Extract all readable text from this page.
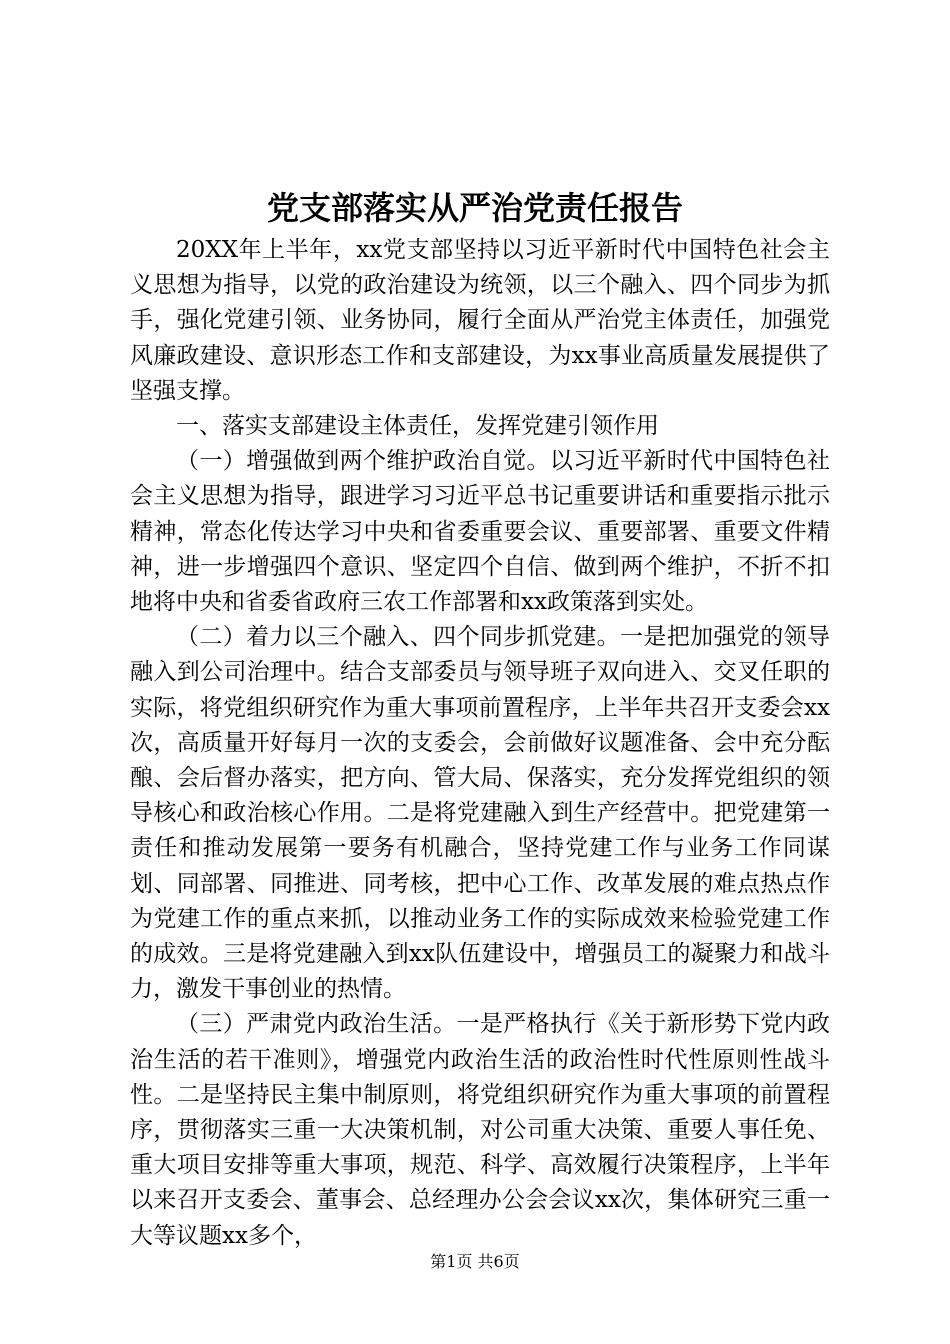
党支部落实从严治党责任报告

20XX年上半年，xx党支部坚持以习近平新时代中国特色社会主义思想为指导，以党的政治建设为统领，以三个融入、四个同步为抓手，强化党建引领、业务协同，履行全面从严治党主体责任，加强党风廉政建设、意识形态工作和支部建设，为xx事业高质量发展提供了坚强支撑。

一、落实支部建设主体责任，发挥党建引领作用

（一）增强做到两个维护政治自觉。以习近平新时代中国特色社会主义思想为指导，跟进学习习近平总书记重要讲话和重要指示批示精神，常态化传达学习中央和省委重要会议、重要部署、重要文件精神，进一步增强四个意识、坚定四个自信、做到两个维护，不折不扣地将中央和省委省政府三农工作部署和xx政策落到实处。

（二）着力以三个融入、四个同步抓党建。一是把加强党的领导融入到公司治理中。结合支部委员与领导班子双向进入、交叉任职的实际，将党组织研究作为重大事项前置程序，上半年共召开支委会xx次，高质量开好每月一次的支委会，会前做好议题准备、会中充分酝酿、会后督办落实，把方向、管大局、保落实，充分发挥党组织的领导核心和政治核心作用。二是将党建融入到生产经营中。把党建第一责任和推动发展第一要务有机融合，坚持党建工作与业务工作同谋划、同部署、同推进、同考核，把中心工作、改革发展的难点热点作为党建工作的重点来抓，以推动业务工作的实际成效来检验党建工作的成效。三是将党建融入到xx队伍建设中，增强员工的凝聚力和战斗力，激发干事创业的热情。

（三）严肃党内政治生活。一是严格执行《关于新形势下党内政治生活的若干准则》，增强党内政治生活的政治性时代性原则性战斗性。二是坚持民主集中制原则，将党组织研究作为重大事项的前置程序，贯彻落实三重一大决策机制，对公司重大决策、重要人事任免、重大项目安排等重大事项，规范、科学、高效履行决策程序，上半年以来召开支委会、董事会、总经理办公会会议xx次，集体研究三重一大等议题xx多个，

第1页 共6页
